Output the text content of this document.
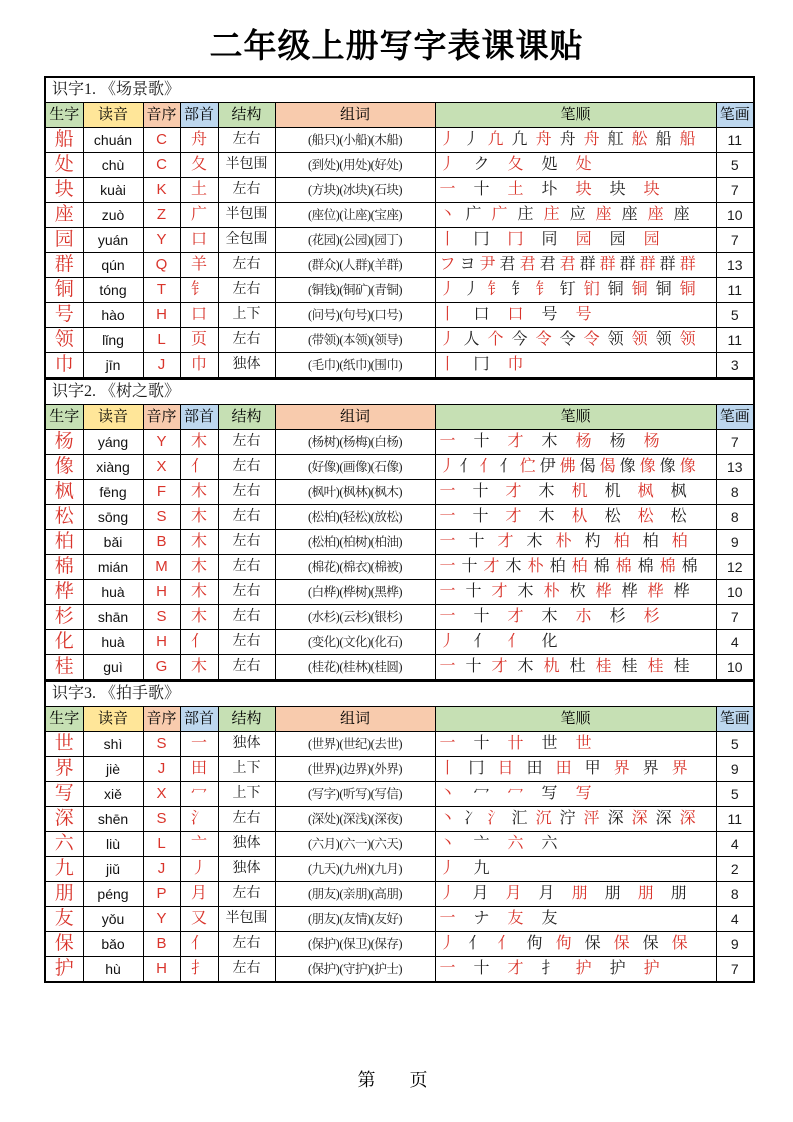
二年级上册写字表课课贴
识字1. 《场景歌》							
生字	读音	音序	部首	结构	组词	笔顺	笔画
船	chuán	C	舟	左右	(船只)(小船)(木船)	丿 丿 凢 凢 舟 舟 舟 舡 舩 船 船	11
处	chù	C	夂	半包围	(到处)(用处)(好处)	丿 ク 夂 処 处	5
块	kuài	K	土	左右	(方块)(冰块)(石块)	一 十 土 圤 块 块 块	7
座	zuò	Z	广	半包围	(座位)(让座)(宝座)	丶 广 广 庄 庄 应 座 座 座 座	10
园	yuán	Y	口	全包围	(花园)(公园)(园丁)	丨 冂 冂 同 园 园 园	7
群	qún	Q	羊	左右	(群众)(人群)(羊群)	フ ヨ 尹 君 君 君 君 群 群 群 群 群 群	13
铜	tóng	T	钅	左右	(铜钱)(铜矿)(青铜)	丿 丿 钅 钅 钅 钉 钔 铜 铜 铜 铜	11
号	hào	H	口	上下	(问号)(句号)(口号)	丨 口 口 号 号	5
领	lǐng	L	页	左右	(带领)(本领)(领导)	丿 人 个 今 令 令 令 领 领 领 领	11
巾	jīn	J	巾	独体	(毛巾)(纸巾)(围巾)	丨 冂 巾	3
识字2. 《树之歌》							
生字	读音	音序	部首	结构	组词	笔顺	笔画
杨	yáng	Y	木	左右	(杨树)(杨梅)(白杨)	一 十 才 木 杨 杨 杨	7
像	xiàng	X	亻	左右	(好像)(画像)(石像)	丿 亻 亻 亻 伫 伊 佛 偈 偈 像 像 像 像	13
枫	fēng	F	木	左右	(枫叶)(枫林)(枫木)	一 十 才 木 机 机 枫 枫	8
松	sōng	S	木	左右	(松柏)(轻松)(放松)	一 十 才 木 朲 松 松 松	8
柏	bǎi	B	木	左右	(松柏)(柏树)(柏油)	一 十 才 木 朴 杓 柏 柏 柏	9
棉	mián	M	木	左右	(棉花)(棉衣)(棉被)	一 十 才 木 朴 柏 柏 棉 棉 棉 棉 棉	12
桦	huà	H	木	左右	(白桦)(桦树)(黑桦)	一 十 才 木 朴 杴 桦 桦 桦 桦	10
杉	shān	S	木	左右	(水杉)(云杉)(银杉)	一 十 才 木 朩 杉 杉	7
化	huà	H	亻	左右	(变化)(文化)(化石)	丿 亻 亻 化	4
桂	guì	G	木	左右	(桂花)(桂林)(桂圆)	一 十 才 木 朹 杜 桂 桂 桂 桂	10
识字3. 《拍手歌》							
生字	读音	音序	部首	结构	组词	笔顺	笔画
世	shì	S	一	独体	(世界)(世纪)(去世)	一 十 卄 世 世	5
界	jiè	J	田	上下	(世界)(边界)(外界)	丨 冂 日 田 田 甲 界 界 界	9
写	xiě	X	冖	上下	(写字)(听写)(写信)	丶 冖 冖 写 写	5
深	shēn	S	氵	左右	(深处)(深浅)(深夜)	丶 冫 氵 汇 沉 泞 泙 深 深 深 深	11
六	liù	L	亠	独体	(六月)(六一)(六天)	丶 亠 六 六	4
九	jiǔ	J	丿	独体	(九天)(九州)(九月)	丿 九	2
朋	péng	P	月	左右	(朋友)(亲朋)(高朋)	丿 月 月 月 朋 朋 朋 朋	8
友	yǒu	Y	又	半包围	(朋友)(友情)(友好)	一 ナ 友 友	4
保	bǎo	B	亻	左右	(保护)(保卫)(保存)	丿 亻 亻 佝 佝 保 保 保 保	9
护	hù	H	扌	左右	(保护)(守护)(护士)	一 十 才 扌 护 护 护	7
第　页
